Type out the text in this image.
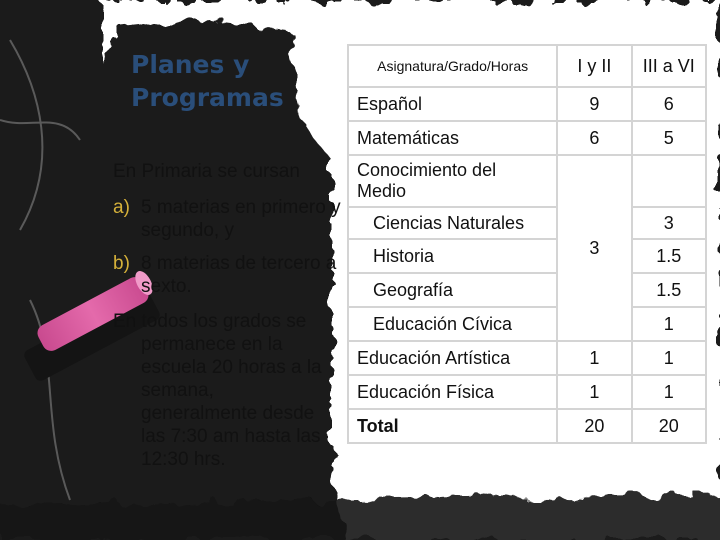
Planes y
Programas
En Primaria se cursan
a) 5 materias en primero y segundo, y
b) 8 materias de tercero a sexto.
En todos los grados se
permanece en la escuela 20 horas a la semana, generalmente desde las 7:30 am hasta las 12:30 hrs.
Asignatura/Grado/Horas	I y II	III a VI
Español	9	6
Matemáticas	6	5
Conocimiento del Medio	3	
Ciencias Naturales		3
Historia		1.5
Geografía		1.5
Educación Cívica		1
Educación Artística	1	1
Educación Física	1	1
Total	20	20
